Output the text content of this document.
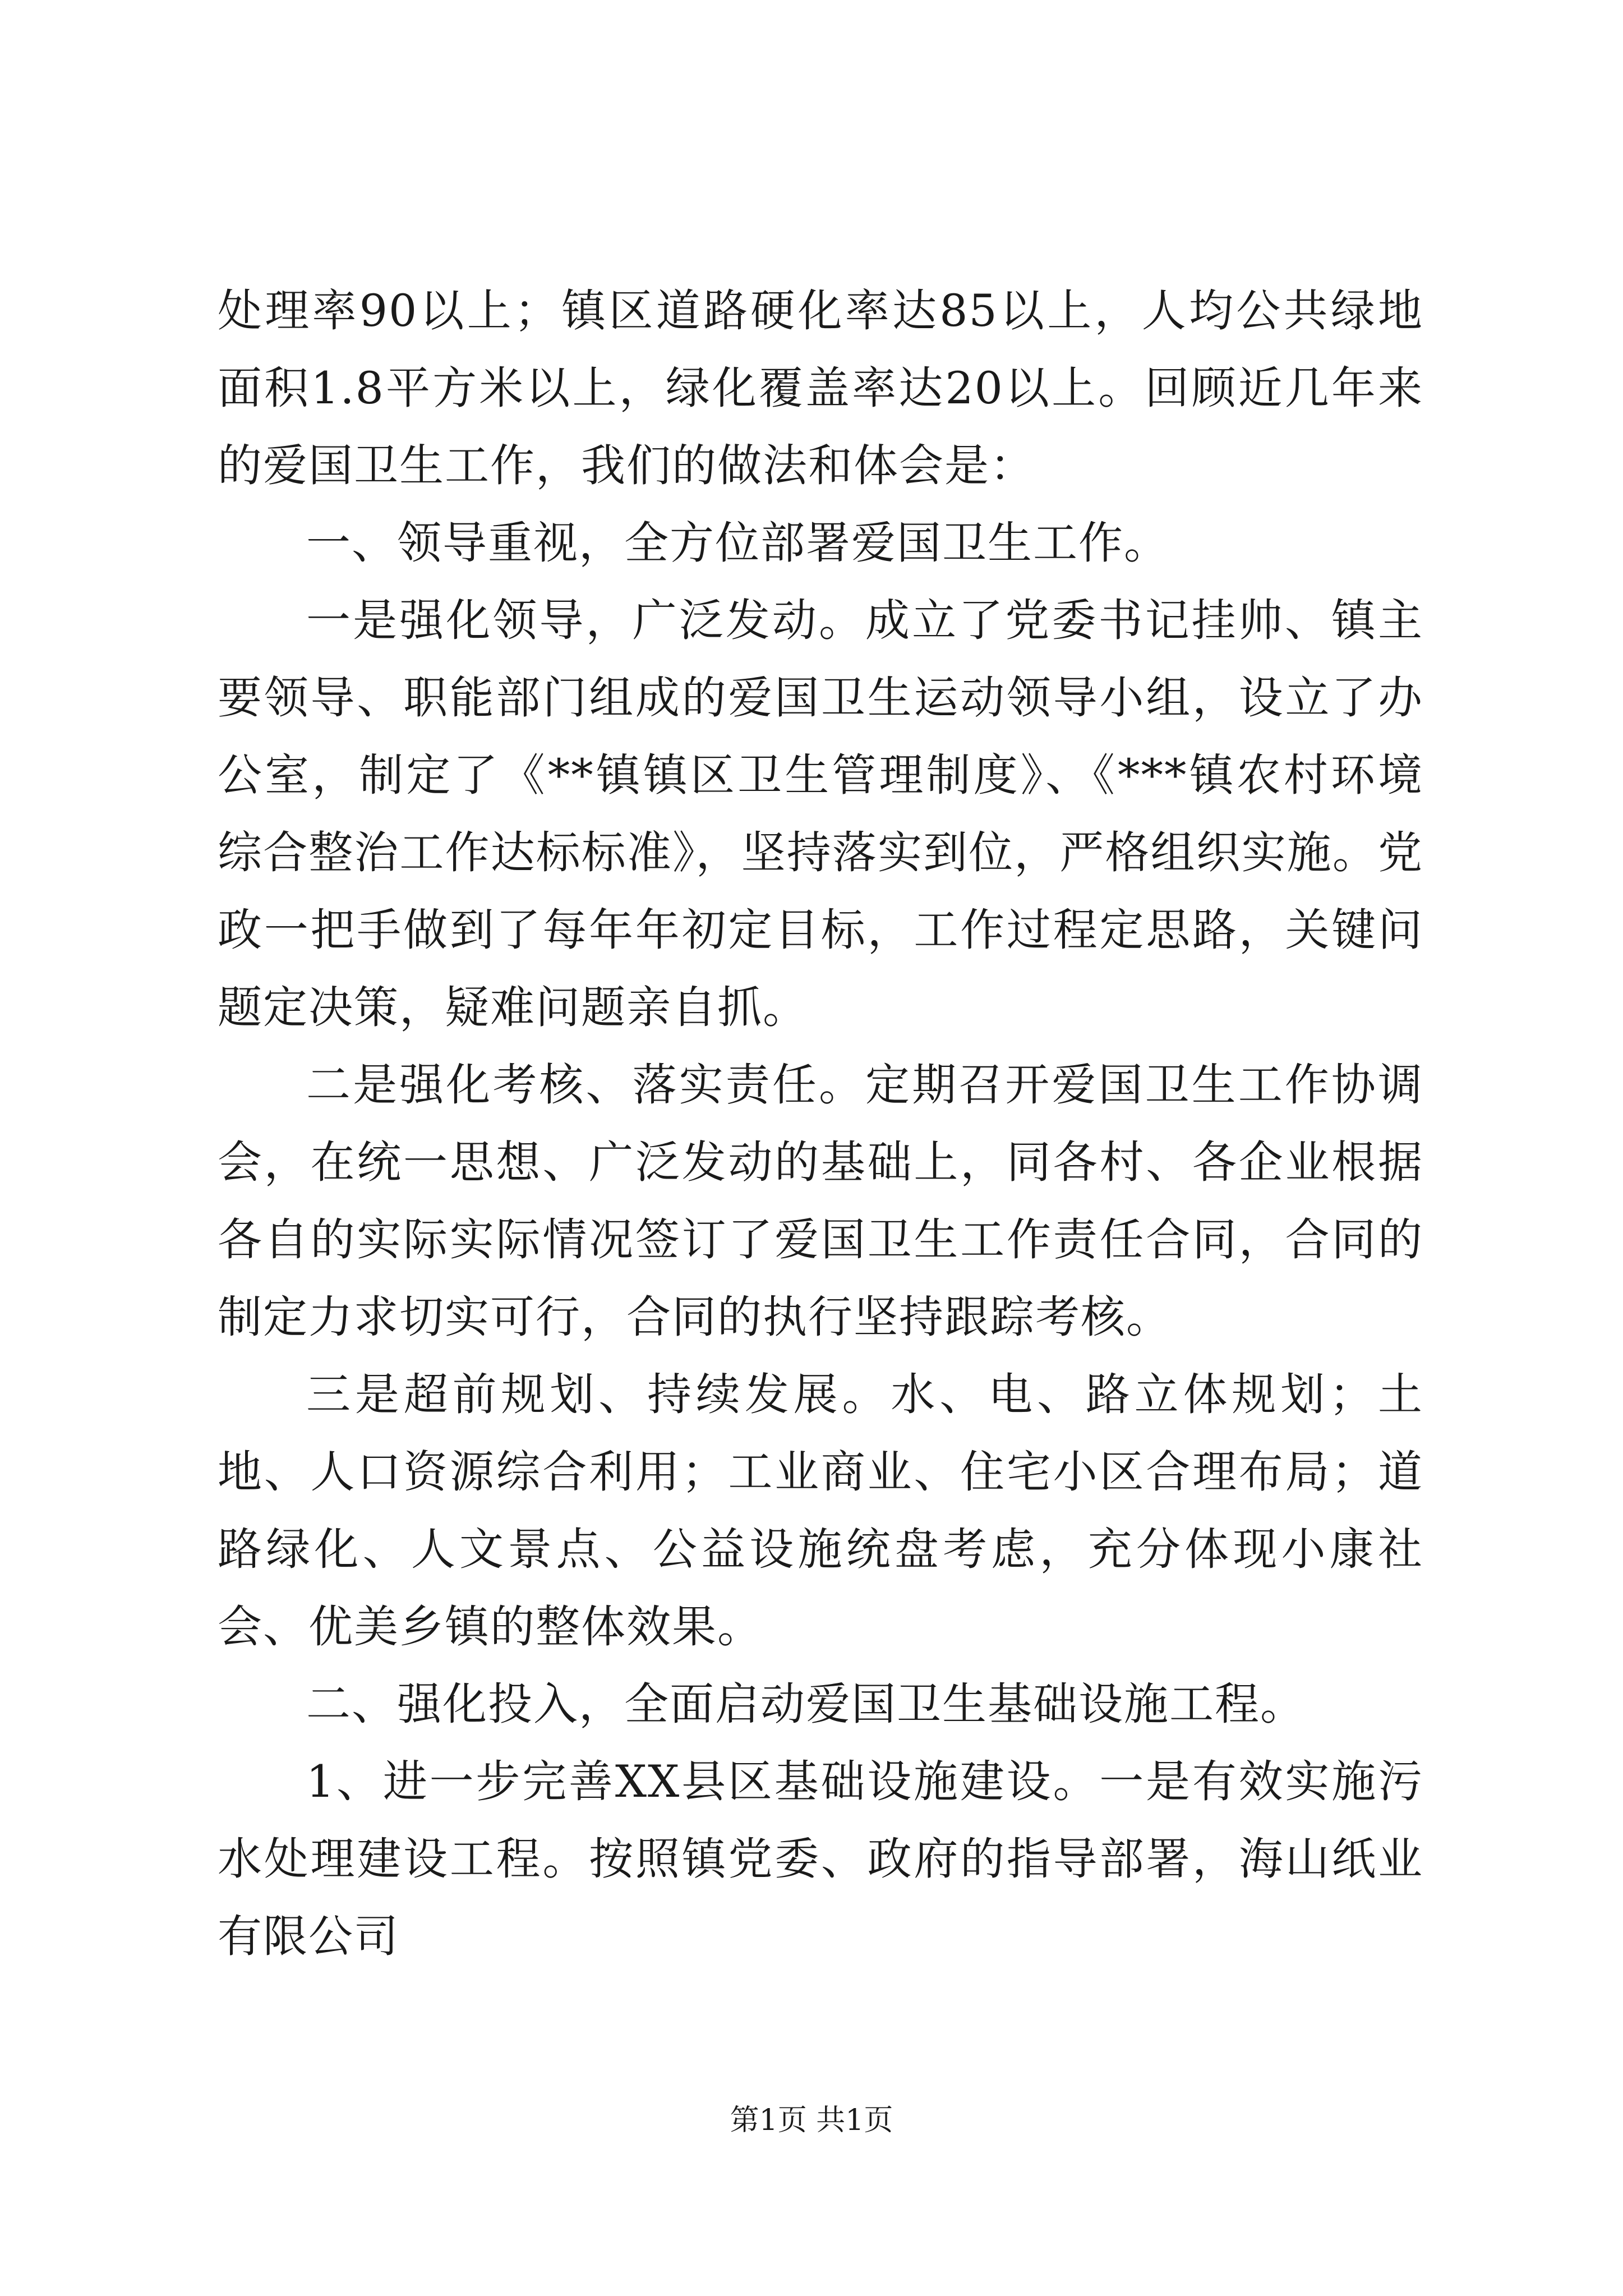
处理率90以上；镇区道路硬化率达85以上，人均公共绿地面积1.8平方米以上，绿化覆盖率达20以上。回顾近几年来的爱国卫生工作，我们的做法和体会是：

一、领导重视，全方位部署爱国卫生工作。

一是强化领导，广泛发动。成立了党委书记挂帅、镇主要领导、职能部门组成的爱国卫生运动领导小组，设立了办公室，制定了《**镇镇区卫生管理制度》、《***镇农村环境综合整治工作达标标准》，坚持落实到位，严格组织实施。党政一把手做到了每年年初定目标，工作过程定思路，关键问题定决策，疑难问题亲自抓。

二是强化考核、落实责任。定期召开爱国卫生工作协调会，在统一思想、广泛发动的基础上，同各村、各企业根据各自的实际实际情况签订了爱国卫生工作责任合同，合同的制定力求切实可行，合同的执行坚持跟踪考核。

三是超前规划、持续发展。水、电、路立体规划；土地、人口资源综合利用；工业商业、住宅小区合理布局；道路绿化、人文景点、公益设施统盘考虑，充分体现小康社会、优美乡镇的整体效果。

二、强化投入，全面启动爱国卫生基础设施工程。

1、进一步完善XX县区基础设施建设。一是有效实施污水处理建设工程。按照镇党委、政府的指导部署，海山纸业有限公司

第1页 共1页
